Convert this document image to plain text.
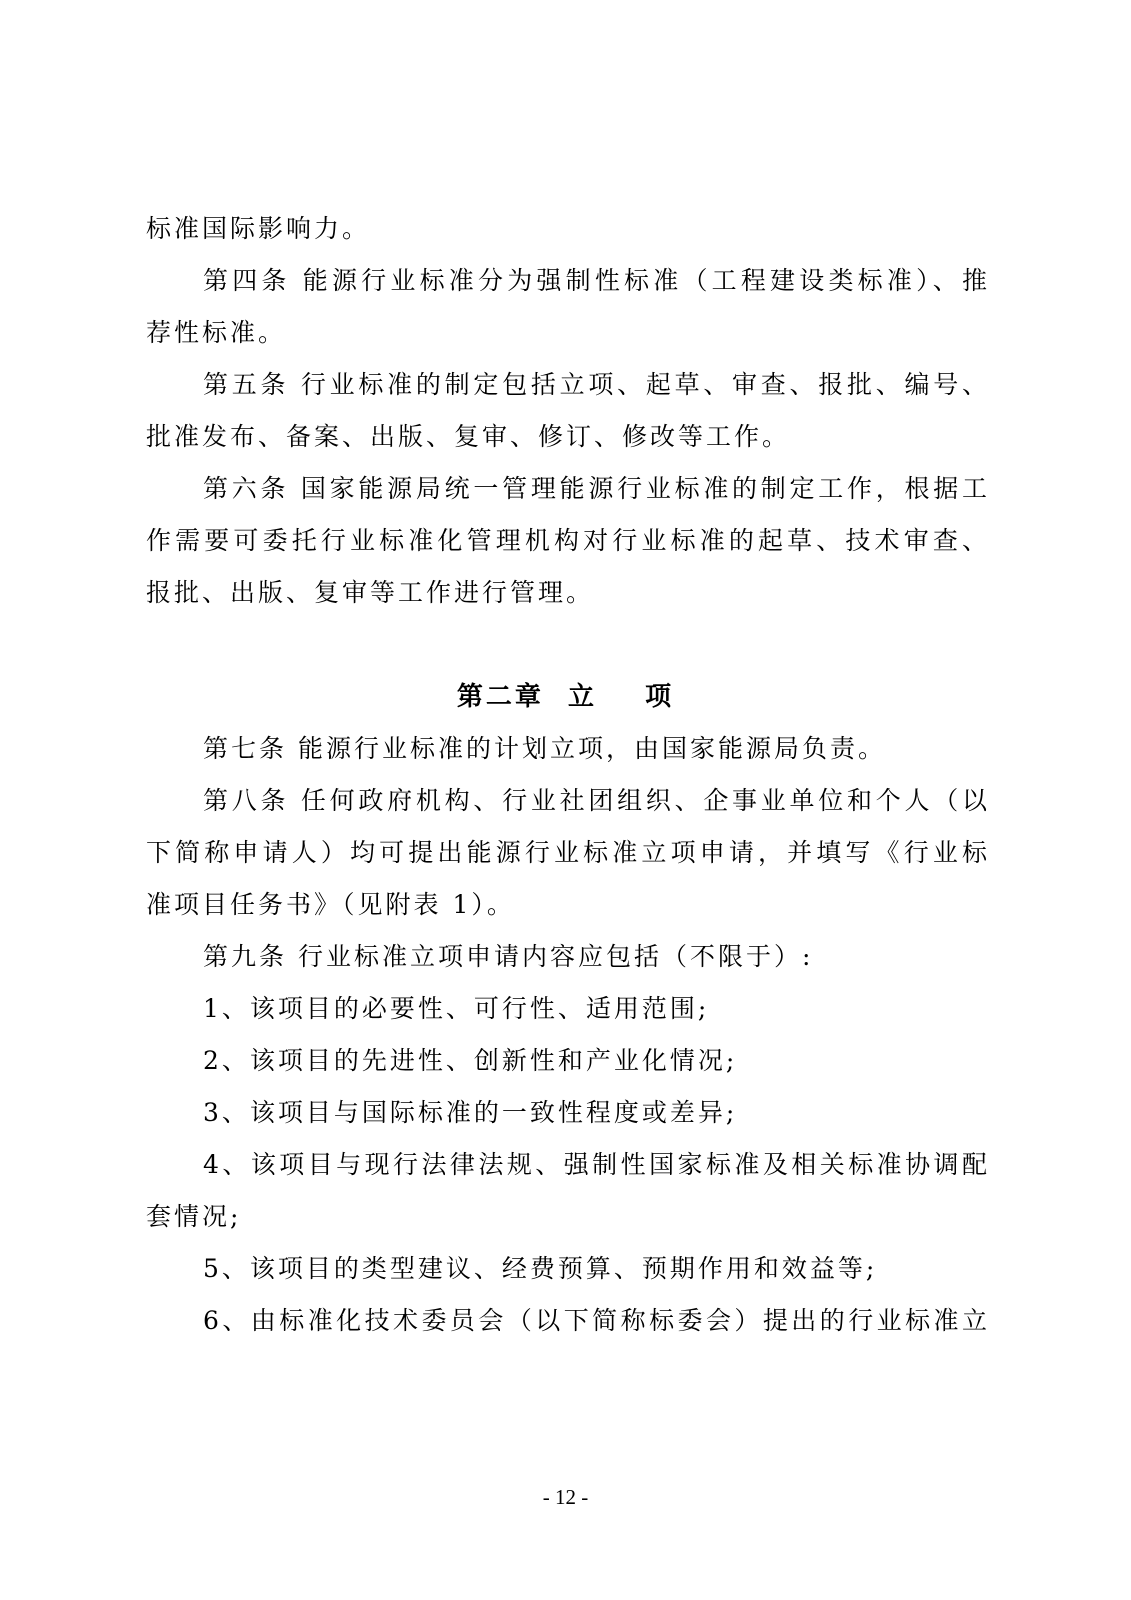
标准国际影响力。
第四条 能源行业标准分为强制性标准（工程建设类标准）、推
荐性标准。
第五条 行业标准的制定包括立项、起草、审查、报批、编号、
批准发布、备案、出版、复审、修订、修改等工作。
第六条 国家能源局统一管理能源行业标准的制定工作，根据工
作需要可委托行业标准化管理机构对行业标准的起草、技术审查、
报批、出版、复审等工作进行管理。
第二章  立    项
第七条 能源行业标准的计划立项，由国家能源局负责。
第八条 任何政府机构、行业社团组织、企事业单位和个人（以
下简称申请人）均可提出能源行业标准立项申请，并填写《行业标
准项目任务书》（见附表 1）。
第九条 行业标准立项申请内容应包括（不限于）:
1、该项目的必要性、可行性、适用范围;
2、该项目的先进性、创新性和产业化情况;
3、该项目与国际标准的一致性程度或差异;
4、该项目与现行法律法规、强制性国家标准及相关标准协调配
套情况;
5、该项目的类型建议、经费预算、预期作用和效益等;
6、由标准化技术委员会（以下简称标委会）提出的行业标准立
- 12 -
